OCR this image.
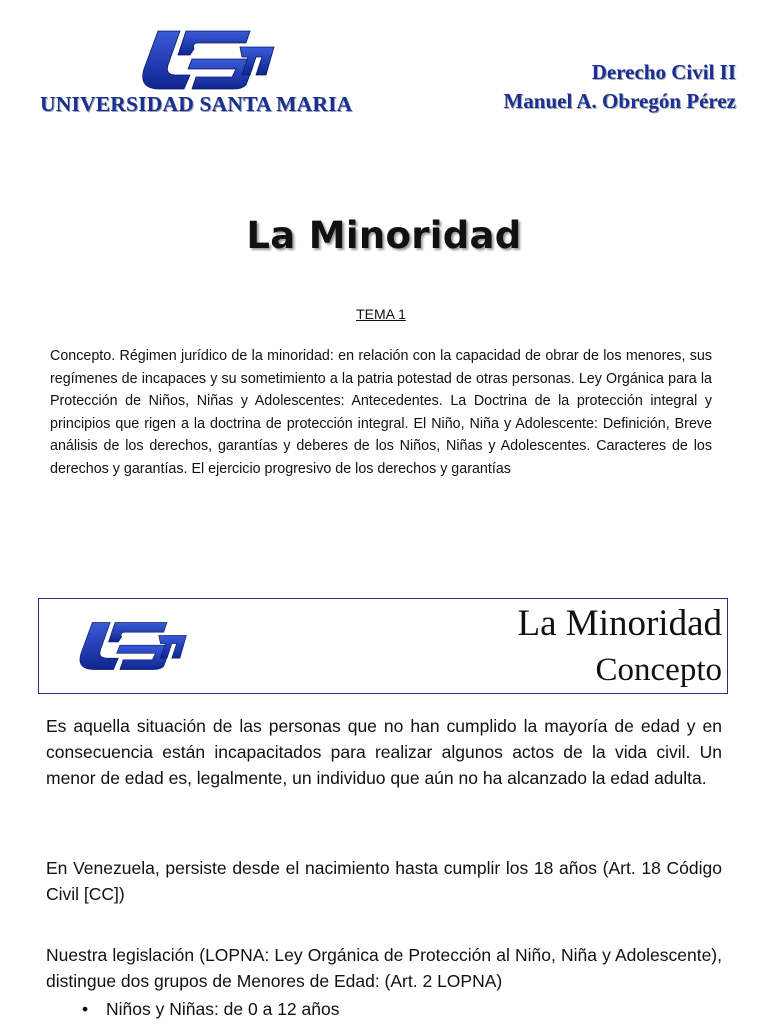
UNIVERSIDAD SANTA MARIA
Derecho Civil II
Manuel A. Obregón Pérez
La Minoridad
TEMA 1
Concepto. Régimen jurídico de la minoridad: en relación con la capacidad de obrar de los menores, sus regímenes de incapaces y su sometimiento a la patria potestad de otras personas. Ley Orgánica para la Protección de Niños, Niñas y Adolescentes: Antecedentes. La Doctrina de la protección integral y principios que rigen a la doctrina de protección integral. El Niño, Niña y Adolescente: Definición, Breve análisis de los derechos, garantías y deberes de los Niños, Niñas y Adolescentes. Caracteres de los derechos y garantías. El ejercicio progresivo de los derechos y garantías
La Minoridad
Concepto
Es aquella situación de las personas que no han cumplido la mayoría de edad y en consecuencia están incapacitados para realizar algunos actos de la vida civil. Un menor de edad es, legalmente, un individuo que aún no ha alcanzado la edad adulta.
En Venezuela, persiste desde el nacimiento hasta cumplir los 18 años (Art. 18 Código Civil [CC])
Nuestra legislación (LOPNA: Ley Orgánica de Protección al Niño, Niña y Adolescente), distingue dos grupos de Menores de Edad: (Art. 2 LOPNA)
• Niños y Niñas: de 0 a 12 años
